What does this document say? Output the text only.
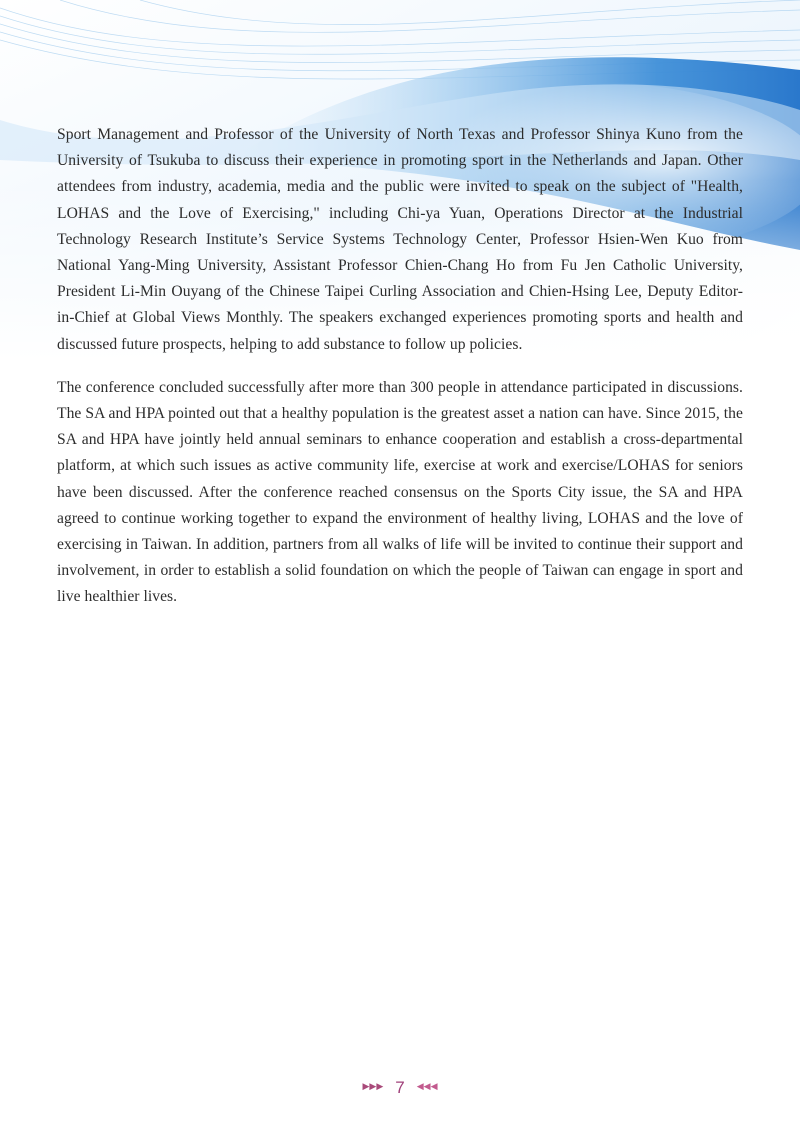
Sport Management and Professor of the University of North Texas and Professor Shinya Kuno from the University of Tsukuba to discuss their experience in promoting sport in the Netherlands and Japan. Other attendees from industry, academia, media and the public were invited to speak on the subject of "Health, LOHAS and the Love of Exercising," including Chi-ya Yuan, Operations Director at the Industrial Technology Research Institute’s Service Systems Technology Center, Professor Hsien-Wen Kuo from National Yang-Ming University, Assistant Professor Chien-Chang Ho from Fu Jen Catholic University, President Li-Min Ouyang of the Chinese Taipei Curling Association and Chien-Hsing Lee, Deputy Editor-in-Chief at Global Views Monthly. The speakers exchanged experiences promoting sports and health and discussed future prospects, helping to add substance to follow up policies.

The conference concluded successfully after more than 300 people in attendance participated in discussions. The SA and HPA pointed out that a healthy population is the greatest asset a nation can have. Since 2015, the SA and HPA have jointly held annual seminars to enhance cooperation and establish a cross-departmental platform, at which such issues as active community life, exercise at work and exercise/LOHAS for seniors have been discussed. After the conference reached consensus on the Sports City issue, the SA and HPA agreed to continue working together to expand the environment of healthy living, LOHAS and the love of exercising in Taiwan. In addition, partners from all walks of life will be invited to continue their support and involvement, in order to establish a solid foundation on which the people of Taiwan can engage in sport and live healthier lives.

▶▶▶ 7 ◀◀◀
